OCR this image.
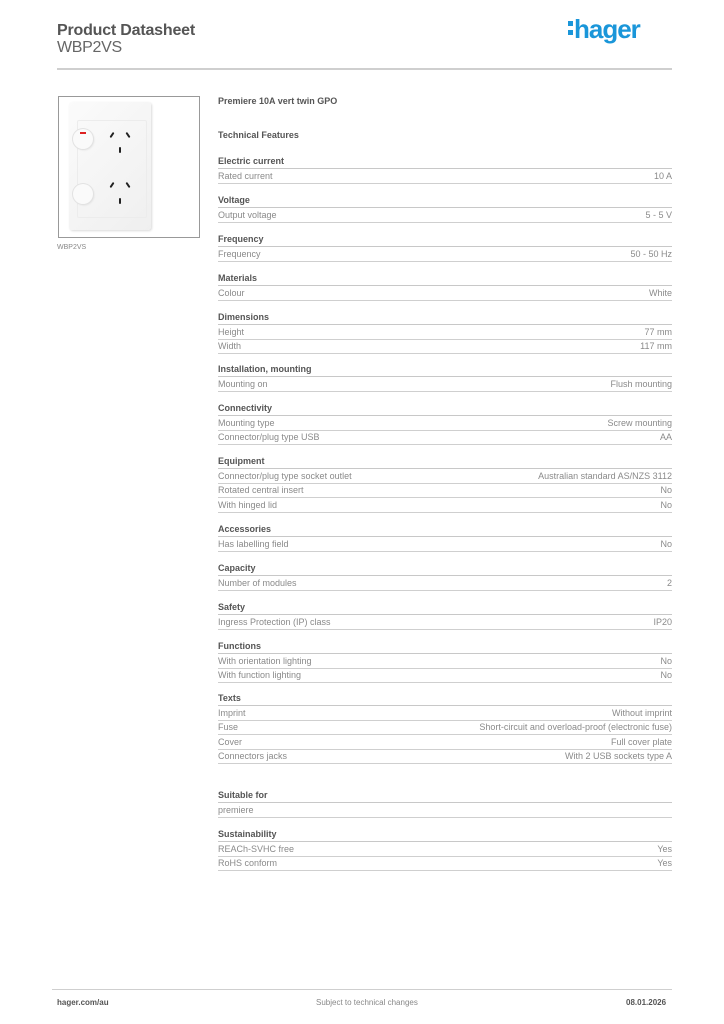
Product Datasheet
WBP2VS
hager
WBP2VS
Premiere 10A vert twin GPO
Technical Features
Electric current
Rated current	10 A
Voltage
Output voltage	5 - 5 V
Frequency
Frequency	50 - 50 Hz
Materials
Colour	White
Dimensions
Height	77 mm
Width	117 mm
Installation, mounting
Mounting on	Flush mounting
Connectivity
Mounting type	Screw mounting
Connector/plug type USB	AA
Equipment
Connector/plug type socket outlet	Australian standard AS/NZS 3112
Rotated central insert	No
With hinged lid	No
Accessories
Has labelling field	No
Capacity
Number of modules	2
Safety
Ingress Protection (IP) class	IP20
Functions
With orientation lighting	No
With function lighting	No
Texts
Imprint	Without imprint
Fuse	Short-circuit and overload-proof (electronic fuse)
Cover	Full cover plate
Connectors jacks	With 2 USB sockets type A
Suitable for
premiere
Sustainability
REACh-SVHC free	Yes
RoHS conform	Yes
hager.com/au	Subject to technical changes	08.01.2026
